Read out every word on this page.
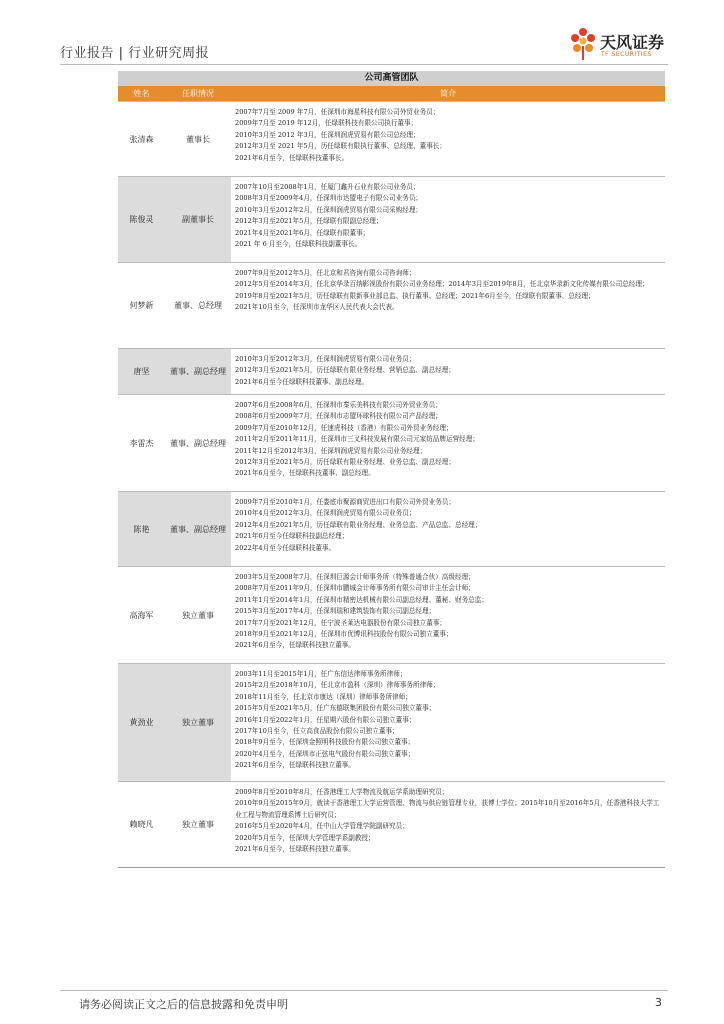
行业报告 | 行业研究周报
天风证券
TF SECURITIES
公司高管团队
姓名	任职情况	简介
张清森	董事长
2007年7月至 2009 年7月，任深圳市海星科技有限公司外贸业务员；
2009年7月至 2019 年12月，任绿联科技有限公司执行董事；
2010年3月至 2012 年3月，任深圳润虎贸易有限公司总经理；
2012年3月至 2021 年5月，历任绿联有限执行董事、总经理、董事长；
2021年6月至今，任绿联科技董事长。
陈俊灵	副董事长
2007年10月至2008年1月，任厦门鑫升石业有限公司业务员；
2008年3月至2009年4月，任深圳市达盟电子有限公司业务员；
2010年3月至2012年2月，任深圳润虎贸易有限公司采购经理；
2012年3月至2021年5月，任绿联有限副总经理；
2021年4月至2021年6月，任绿联有限董事；
2021 年 6 月至今，任绿联科技副董事长。
何梦新	董事、总经理
2007年9月至2012年5月，任北京和君咨询有限公司咨询师；
2012年5月至2014年3月，任北京华录百纳影视股份有限公司业务经理；2014年3月至2019年8月，任北京华录新文化传媒有限公司总经理；
2019年8月至2021年5月，历任绿联有限新事业部总监、执行董事、总经理；2021年6月至今，任绿联有限董事、总经理；
2021年10月至今，任深圳市龙华区人民代表大会代表。
唐坚	董事、副总经理
2010年3月至2012年3月，任深圳润虎贸易有限公司业务员；
2012年3月至2021年5月，历任绿联有限业务经理、营销总监、副总经理；
2021年6月至今任绿联科技董事、副总经理。
李雷杰	董事、副总经理
2007年6月至2008年6月，任深圳市秦乐美科技有限公司外贸业务员；
2008年6月至2009年7月，任深圳市志盟环球科技有限公司产品经理；
2009年7月至2010年12月，任速虎科技（香港）有限公司外贸业务经理；
2011年2月至2011年11月，任深圳市三叉科技发展有限公司元家纺品牌运营经理；
2011年12月至2012年3月，任深圳润虎贸易有限公司业务经理；
2012年3月至2021年5月，历任绿联有限业务经理、业务总监、副总经理；
2021年6月至今，任绿联科技董事、副总经理。
陈艳	董事、副总经理
2009年7月至2010年1月，任娄底市聚源商贸进出口有限公司外贸业务员；
2010年4月至2012年3月，任深圳润虎贸易有限公司业务员；
2012年4月至2021年5月，历任绿联有限业务经理、业务总监、产品总监、总经理；
2021年6月至今任绿联科技副总经理；
2022年4月至今任绿联科技董事。
高海军	独立董事
2003年5月至2008年7月，任深圳巨源会计师事务所（特殊普通合伙）高级经理；
2008年7月至2011年9月，任深圳市鹏城会计师事务所有限公司审计主任会计师；
2011年1月至2014年1月，任深圳市精密达机械有限公司副总经理、董秘、财务总监；
2015年3月至2017年4月，任深圳瑞和建筑装饰有限公司副总经理；
2017年7月至2021年12月，任宁波圣莱达电器股份有限公司独立董事；
2018年9月至2021年12月，任深圳市优博讯科技股份有限公司独立董事；
2021年6月至今，任绿联科技独立董事。
黄劲业	独立董事
2003年11月至2015年1月，任广东信达律师事务所律师；
2015年2月至2018年10月，任北京市盈科（深圳）律师事务所律师；
2018年11月至今，任北京市康达（深圳）律师事务所律师；
2015年5月至2021年5月，任广东德联集团股份有限公司独立董事；
2016年1月至2022年1月，任星期六股份有限公司独立董事；
2017年10月至今，任立高食品股份有限公司独立董事；
2018年9月至今，任深圳金照明科技股份有限公司独立董事；
2020年4月至今，任深圳市正弦电气股份有限公司独立董事；
2021年6月至今，任绿联科技独立董事。
赖晓凡	独立董事
2009年8月至2010年8月，任香港理工大学物流及航运学系助理研究员；
2010年9月至2015年9月，就读于香港理工大学运营管理、物流与供应链管理专业，获博士学位；2015年10月至2016年5月，任香港科技大学工业工程与物流管理系博士后研究员；
2016年5月至2020年4月，任中山大学管理学院副研究员；
2020年5月至今，任深圳大学管理学系副教授；
2021年6月至今，任绿联科技独立董事。
请务必阅读正文之后的信息披露和免责申明	3
